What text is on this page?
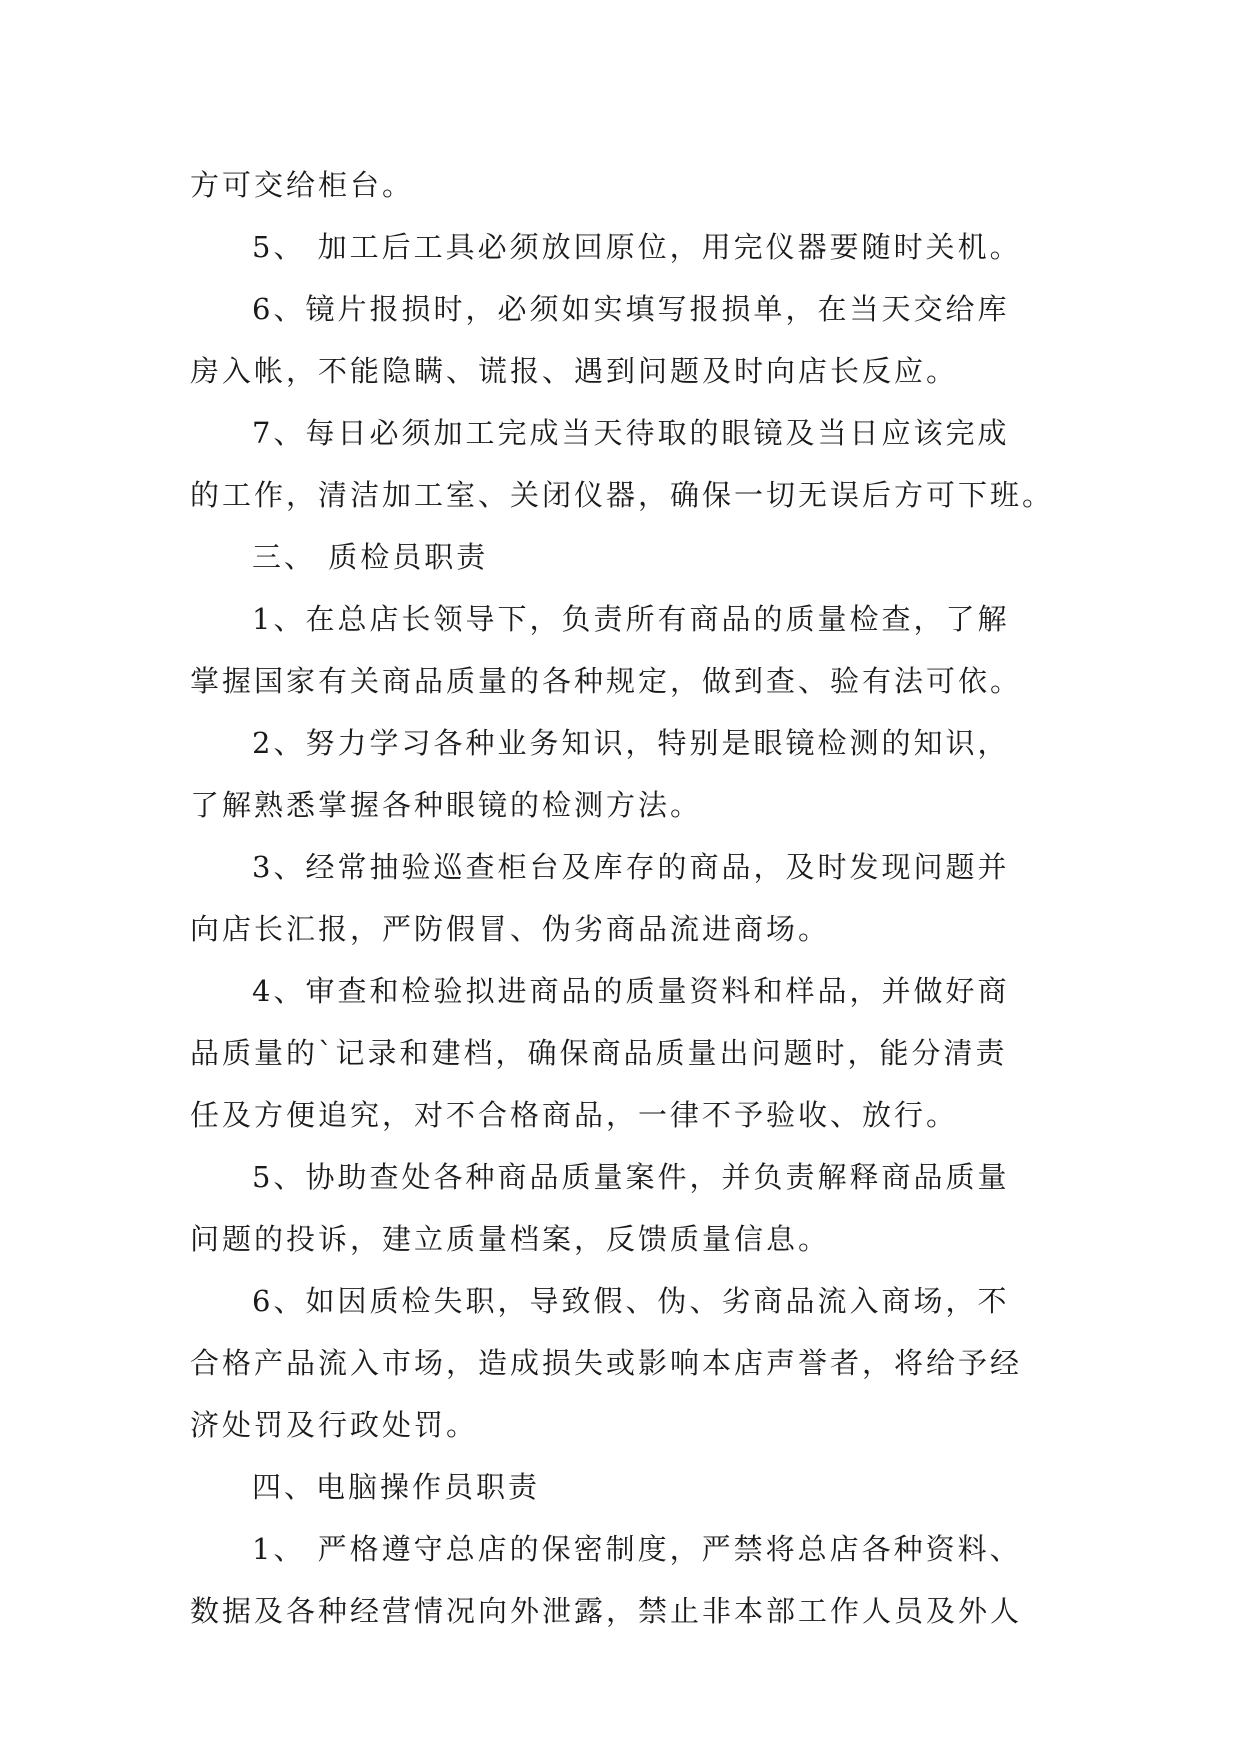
方可交给柜台。
5、 加工后工具必须放回原位，用完仪器要随时关机。
6、镜片报损时，必须如实填写报损单，在当天交给库
房入帐，不能隐瞒、谎报、遇到问题及时向店长反应。
7、每日必须加工完成当天待取的眼镜及当日应该完成
的工作，清洁加工室、关闭仪器，确保一切无误后方可下班。
三、 质检员职责
1、在总店长领导下，负责所有商品的质量检查，了解
掌握国家有关商品质量的各种规定，做到查、验有法可依。
2、努力学习各种业务知识，特别是眼镜检测的知识，
了解熟悉掌握各种眼镜的检测方法。
3、经常抽验巡查柜台及库存的商品，及时发现问题并
向店长汇报，严防假冒、伪劣商品流进商场。
4、审查和检验拟进商品的质量资料和样品，并做好商
品质量的`记录和建档，确保商品质量出问题时，能分清责
任及方便追究，对不合格商品，一律不予验收、放行。
5、协助查处各种商品质量案件，并负责解释商品质量
问题的投诉，建立质量档案，反馈质量信息。
6、如因质检失职，导致假、伪、劣商品流入商场，不
合格产品流入市场，造成损失或影响本店声誉者，将给予经
济处罚及行政处罚。
四、电脑操作员职责
1、 严格遵守总店的保密制度，严禁将总店各种资料、
数据及各种经营情况向外泄露，禁止非本部工作人员及外人
